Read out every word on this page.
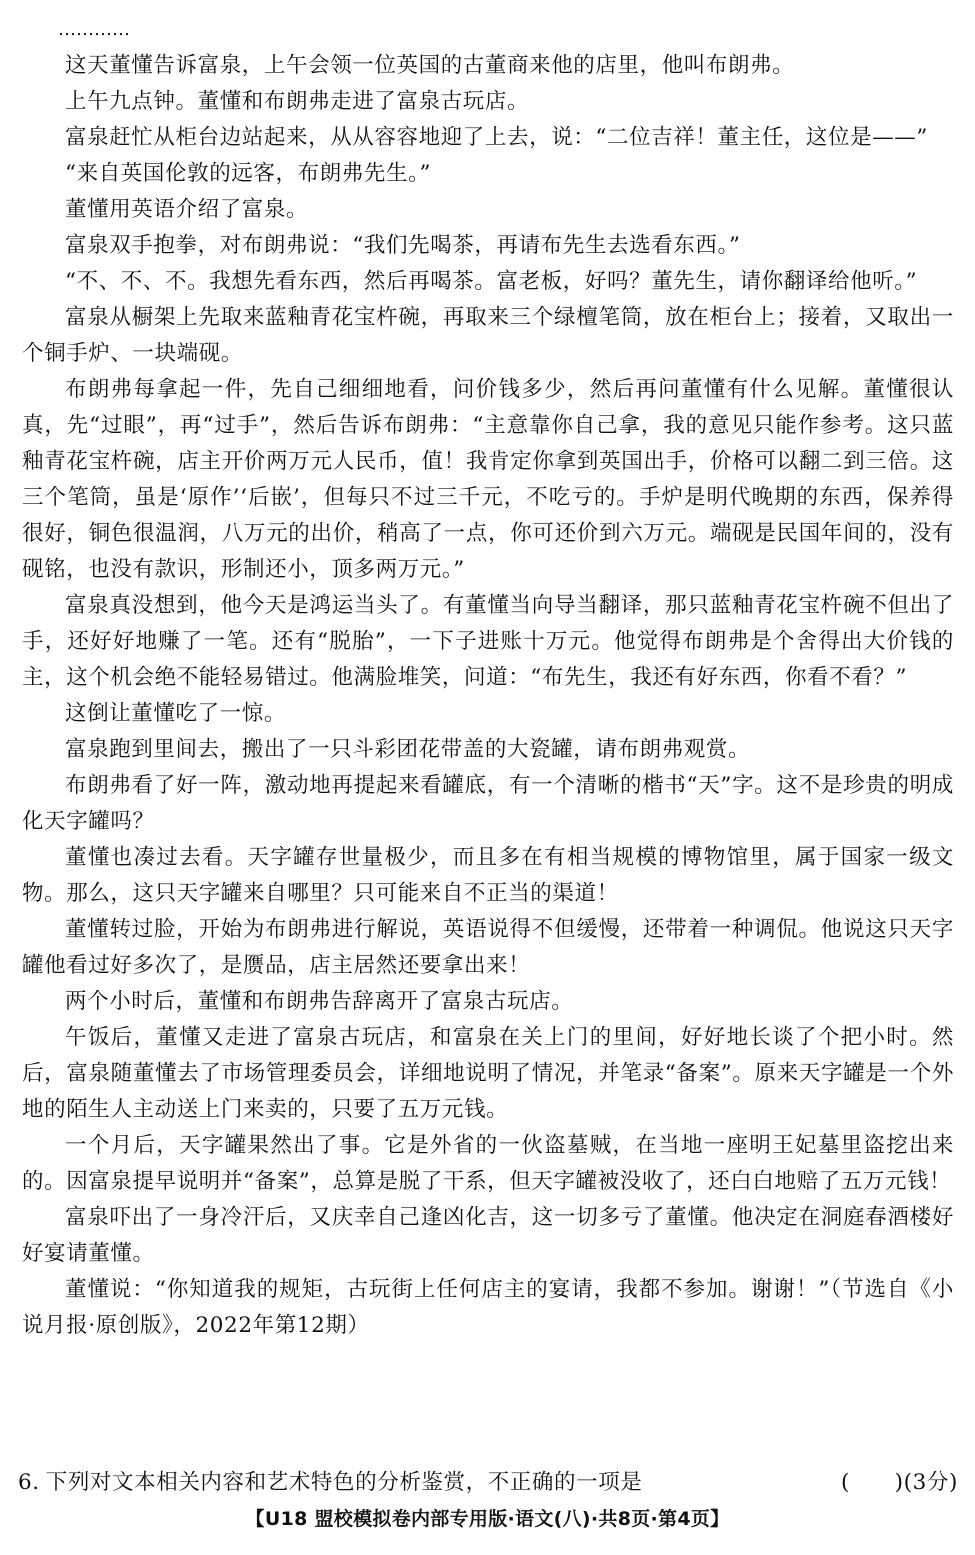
…………

这天董懂告诉富泉，上午会领一位英国的古董商来他的店里，他叫布朗弗。

上午九点钟。董懂和布朗弗走进了富泉古玩店。

富泉赶忙从柜台边站起来，从从容容地迎了上去，说：“二位吉祥！董主任，这位是——”

“来自英国伦敦的远客，布朗弗先生。”

董懂用英语介绍了富泉。

富泉双手抱拳，对布朗弗说：“我们先喝茶，再请布先生去选看东西。”

“不、不、不。我想先看东西，然后再喝茶。富老板，好吗？董先生，请你翻译给他听。”

富泉从橱架上先取来蓝釉青花宝杵碗，再取来三个绿檀笔筒，放在柜台上；接着，又取出一个铜手炉、一块端砚。

布朗弗每拿起一件，先自己细细地看，问价钱多少，然后再问董懂有什么见解。董懂很认真，先“过眼”，再“过手”，然后告诉布朗弗：“主意靠你自己拿，我的意见只能作参考。这只蓝釉青花宝杵碗，店主开价两万元人民币，值！我肯定你拿到英国出手，价格可以翻二到三倍。这三个笔筒，虽是‘原作’‘后嵌’，但每只不过三千元，不吃亏的。手炉是明代晚期的东西，保养得很好，铜色很温润，八万元的出价，稍高了一点，你可还价到六万元。端砚是民国年间的，没有砚铭，也没有款识，形制还小，顶多两万元。”

富泉真没想到，他今天是鸿运当头了。有董懂当向导当翻译，那只蓝釉青花宝杵碗不但出了手，还好好地赚了一笔。还有“脱胎”，一下子进账十万元。他觉得布朗弗是个舍得出大价钱的主，这个机会绝不能轻易错过。他满脸堆笑，问道：“布先生，我还有好东西，你看不看？”

这倒让董懂吃了一惊。

富泉跑到里间去，搬出了一只斗彩团花带盖的大瓷罐，请布朗弗观赏。

布朗弗看了好一阵，激动地再提起来看罐底，有一个清晰的楷书“天”字。这不是珍贵的明成化天字罐吗？

董懂也凑过去看。天字罐存世量极少，而且多在有相当规模的博物馆里，属于国家一级文物。那么，这只天字罐来自哪里？只可能来自不正当的渠道！

董懂转过脸，开始为布朗弗进行解说，英语说得不但缓慢，还带着一种调侃。他说这只天字罐他看过好多次了，是赝品，店主居然还要拿出来！

两个小时后，董懂和布朗弗告辞离开了富泉古玩店。

午饭后，董懂又走进了富泉古玩店，和富泉在关上门的里间，好好地长谈了个把小时。然后，富泉随董懂去了市场管理委员会，详细地说明了情况，并笔录“备案”。原来天字罐是一个外地的陌生人主动送上门来卖的，只要了五万元钱。

一个月后，天字罐果然出了事。它是外省的一伙盗墓贼，在当地一座明王妃墓里盗挖出来的。因富泉提早说明并“备案”，总算是脱了干系，但天字罐被没收了，还白白地赔了五万元钱！

富泉吓出了一身冷汗后，又庆幸自己逢凶化吉，这一切多亏了董懂。他决定在洞庭春酒楼好好宴请董懂。

董懂说：“你知道我的规矩，古玩街上任何店主的宴请，我都不参加。谢谢！”（节选自《小说月报·原创版》，2022年第12期）

6. 下列对文本相关内容和艺术特色的分析鉴赏，不正确的一项是	(      )(3分)
【U18 盟校模拟卷内部专用版·语文(八)·共8页·第4页】
